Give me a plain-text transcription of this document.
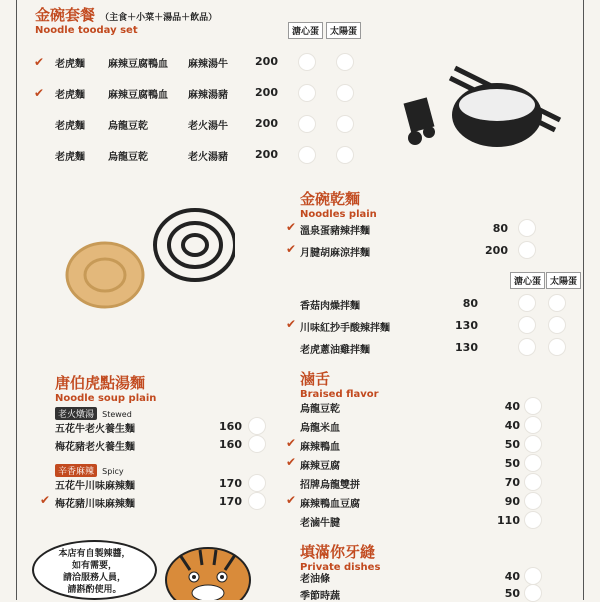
金碗套餐 （主食＋小菜＋湯品＋飲品）
Noodle tooday set	溏心蛋	太陽蛋
金碗乾麵
Noodles plain
溏心蛋 太陽蛋
唐伯虎點湯麵
Noodle soup plain
老火燉湯 Stewed
辛香麻辣 Spicy
滷舌
Braised flavor
填滿你牙縫
Private dishes
本店有自製辣醬，
如有需要，
請洽服務人員，
請斟酌使用。
✔ 老虎麵 麻辣豆腐鴨血 麻辣湯牛	200
✔ 老虎麵 麻辣豆腐鴨血 麻辣湯豬	200
老虎麵 烏龍豆乾	老火湯牛	200
老虎麵 烏龍豆乾	老火湯豬	200
✔ 溫泉蛋豬辣拌麵	80
✔ 月腱胡麻涼拌麵	200
香菇肉燥拌麵	80
✔ 川味紅抄手酸辣拌麵	130
老虎蔥油雞拌麵	130
五花牛老火養生麵	160
梅花豬老火養生麵	160
五花牛川味麻辣麵	170
✔ 梅花豬川味麻辣麵	170
烏龍豆乾	40
烏龍米血	40
✔ 麻辣鴨血	50
✔ 麻辣豆腐	50
招牌烏龍雙拼	70
✔ 麻辣鴨血豆腐	90
老滷牛腱	110
老油條	40
季節時蔬	50
